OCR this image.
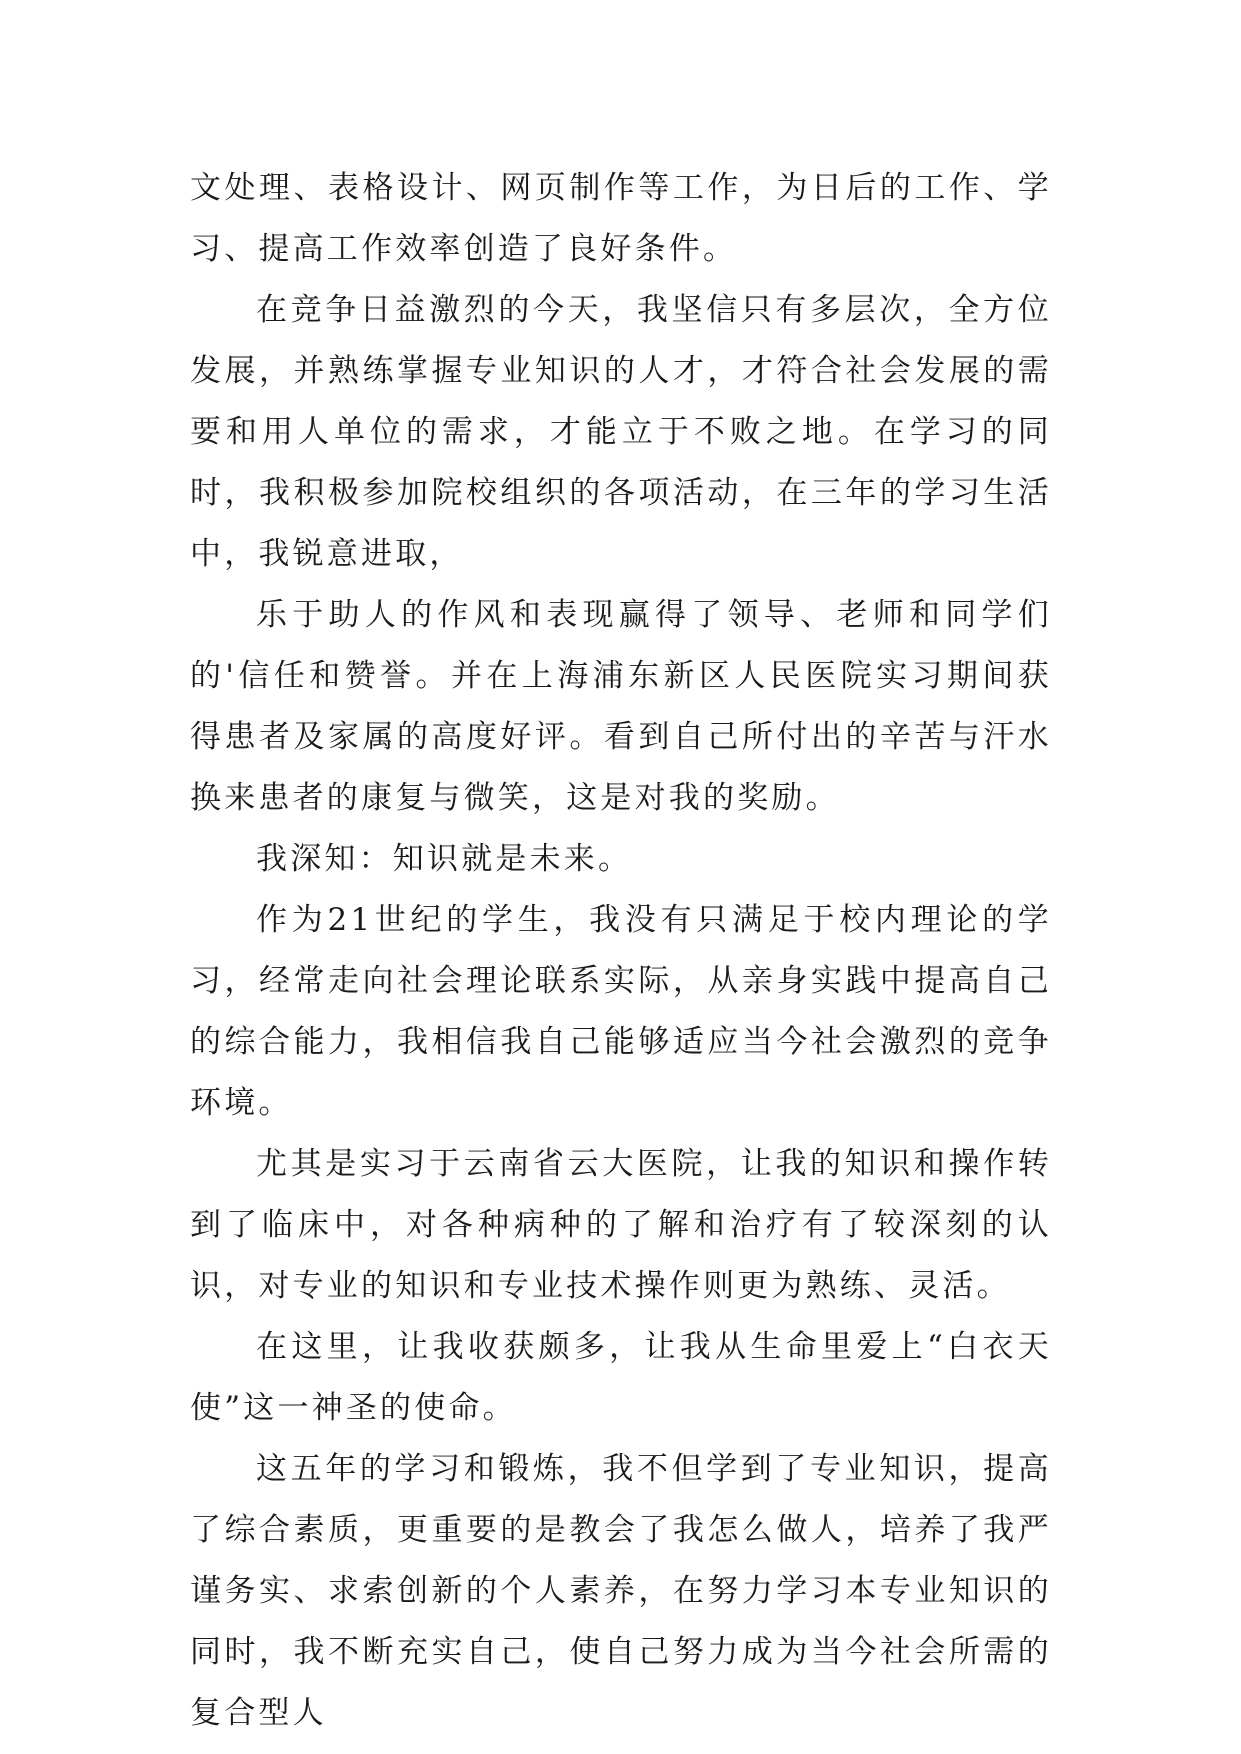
文处理、表格设计、网页制作等工作，为日后的工作、学习、提高工作效率创造了良好条件。

在竞争日益激烈的今天，我坚信只有多层次，全方位发展，并熟练掌握专业知识的人才，才符合社会发展的需要和用人单位的需求，才能立于不败之地。在学习的同时，我积极参加院校组织的各项活动，在三年的学习生活中，我锐意进取，

乐于助人的作风和表现赢得了领导、老师和同学们的'信任和赞誉。并在上海浦东新区人民医院实习期间获得患者及家属的高度好评。看到自己所付出的辛苦与汗水换来患者的康复与微笑，这是对我的奖励。

我深知：知识就是未来。

作为21世纪的学生，我没有只满足于校内理论的学习，经常走向社会理论联系实际，从亲身实践中提高自己的综合能力，我相信我自己能够适应当今社会激烈的竞争环境。

尤其是实习于云南省云大医院，让我的知识和操作转到了临床中，对各种病种的了解和治疗有了较深刻的认识，对专业的知识和专业技术操作则更为熟练、灵活。

在这里，让我收获颇多，让我从生命里爱上“白衣天使”这一神圣的使命。

这五年的学习和锻炼，我不但学到了专业知识，提高了综合素质，更重要的是教会了我怎么做人，培养了我严谨务实、求索创新的个人素养，在努力学习本专业知识的同时，我不断充实自己，使自己努力成为当今社会所需的复合型人
